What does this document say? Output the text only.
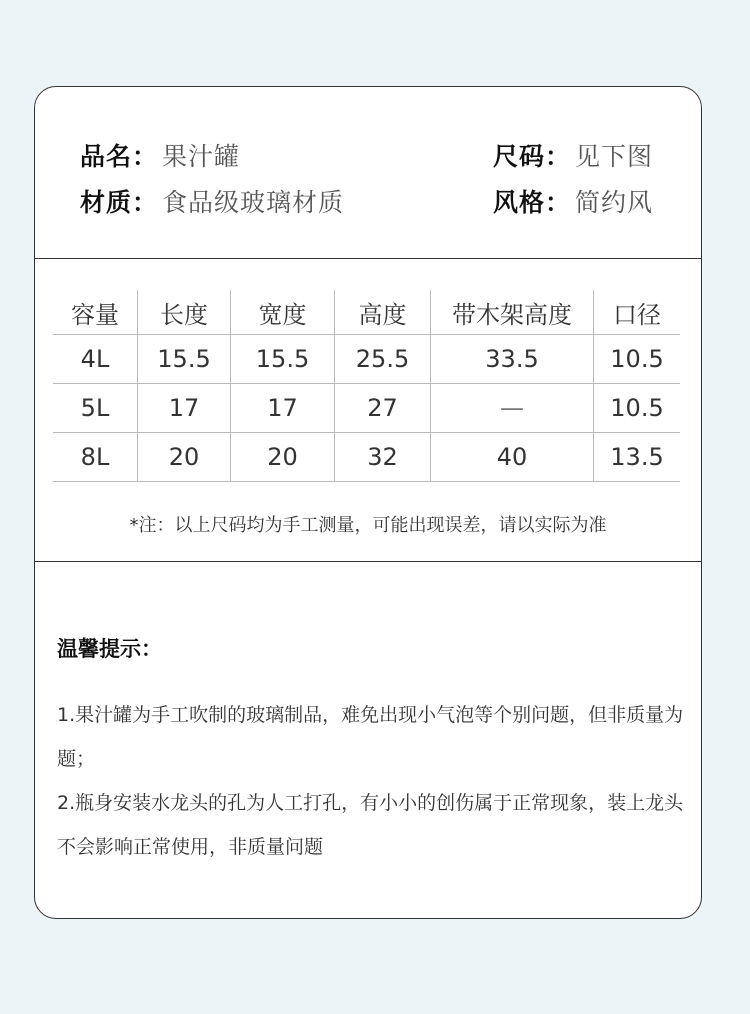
品名： 果汁罐	尺码： 见下图
材质： 食品级玻璃材质	风格： 简约风
容量	长度	宽度	高度	带木架高度	口径
4L	15.5	15.5	25.5	33.5	10.5
5L	17	17	27	—	10.5
8L	20	20	32	40	13.5
*注：以上尺码均为手工测量，可能出现误差，请以实际为准
温馨提示：

1.果汁罐为手工吹制的玻璃制品，难免出现小气泡等个别问题，但非质量为题；

2.瓶身安装水龙头的孔为人工打孔，有小小的创伤属于正常现象，装上龙头不会影响正常使用，非质量问题
